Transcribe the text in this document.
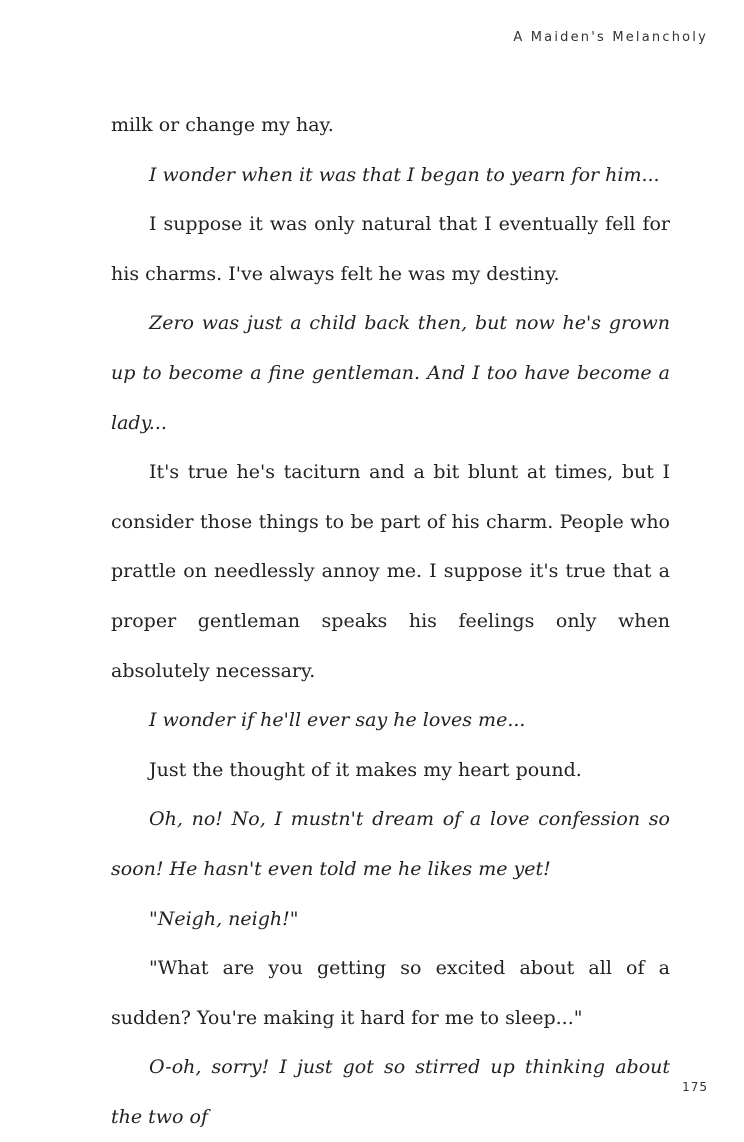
A Maiden's Melancholy

milk or change my hay.

I wonder when it was that I began to yearn for him...

I suppose it was only natural that I eventually fell for his charms. I've always felt he was my destiny.

Zero was just a child back then, but now he's grown up to become a fine gentleman. And I too have become a lady...

It's true he's taciturn and a bit blunt at times, but I consider those things to be part of his charm. People who prattle on needlessly annoy me. I suppose it's true that a proper gentleman speaks his feelings only when absolutely necessary.

I wonder if he'll ever say he loves me...

Just the thought of it makes my heart pound.

Oh, no! No, I mustn't dream of a love confession so soon! He hasn't even told me he likes me yet!

"Neigh, neigh!"

"What are you getting so excited about all of a sudden? You're making it hard for me to sleep..."

O-oh, sorry! I just got so stirred up thinking about the two of

175
